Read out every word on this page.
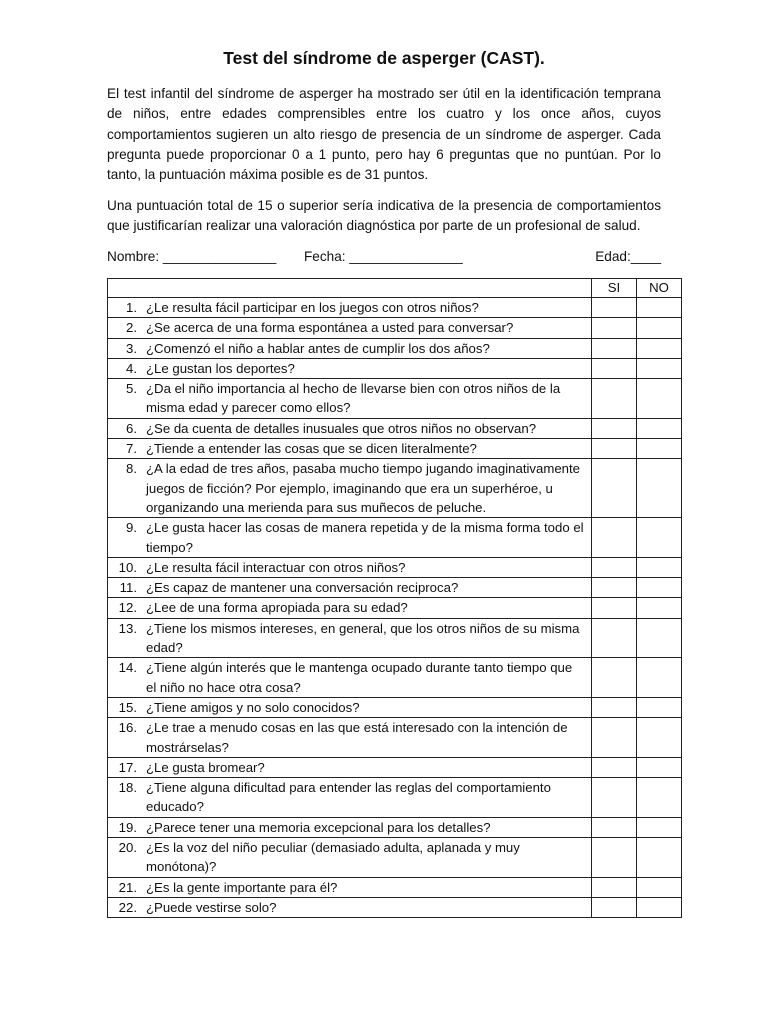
Test del síndrome de asperger (CAST).

El test infantil del síndrome de asperger ha mostrado ser útil en la identificación temprana de niños, entre edades comprensibles entre los cuatro y los once años, cuyos comportamientos sugieren un alto riesgo de presencia de un síndrome de asperger. Cada pregunta puede proporcionar 0 a 1 punto, pero hay 6 preguntas que no puntúan. Por lo tanto, la puntuación máxima posible es de 31 puntos.

Una puntuación total de 15 o superior sería indicativa de la presencia de comportamientos que justificarían realizar una valoración diagnóstica por parte de un profesional de salud.

Nombre: _______________ Fecha: _______________	Edad:____
	SI	NO

1. ¿Le resulta fácil participar en los juegos con otros niños?		

2. ¿Se acerca de una forma espontánea a usted para conversar?		

3. ¿Comenzó el niño a hablar antes de cumplir los dos años?		

4. ¿Le gustan los deportes?		

5. ¿Da el niño importancia al hecho de llevarse bien con otros niños de la misma edad y parecer como ellos?		

6. ¿Se da cuenta de detalles inusuales que otros niños no observan?		

7. ¿Tiende a entender las cosas que se dicen literalmente?		

8. ¿A la edad de tres años, pasaba mucho tiempo jugando imaginativamente juegos de ficción? Por ejemplo, imaginando que era un superhéroe, u organizando una merienda para sus muñecos de peluche.		

9. ¿Le gusta hacer las cosas de manera repetida y de la misma forma todo el tiempo?		

10. ¿Le resulta fácil interactuar con otros niños?		

11. ¿Es capaz de mantener una conversación reciproca?		

12. ¿Lee de una forma apropiada para su edad?		

13. ¿Tiene los mismos intereses, en general, que los otros niños de su misma edad?		

14. ¿Tiene algún interés que le mantenga ocupado durante tanto tiempo que el niño no hace otra cosa?		

15. ¿Tiene amigos y no solo conocidos?		

16. ¿Le trae a menudo cosas en las que está interesado con la intención de mostrárselas?		

17. ¿Le gusta bromear?		

18. ¿Tiene alguna dificultad para entender las reglas del comportamiento educado?		

19. ¿Parece tener una memoria excepcional para los detalles?		

20. ¿Es la voz del niño peculiar (demasiado adulta, aplanada y muy monótona)?		

21. ¿Es la gente importante para él?		

22. ¿Puede vestirse solo?		
